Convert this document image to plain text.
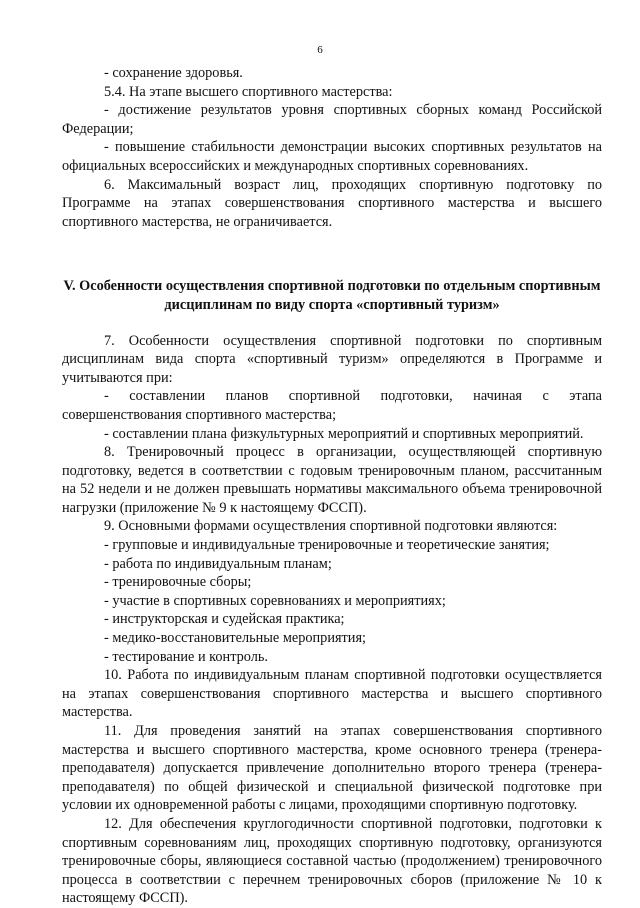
6

- сохранение здоровья.

5.4. На этапе высшего спортивного мастерства:

- достижение результатов уровня спортивных сборных команд Российской Федерации;

- повышение стабильности демонстрации высоких спортивных результатов на официальных всероссийских и международных спортивных соревнованиях.

6. Максимальный возраст лиц, проходящих спортивную подготовку по Программе на этапах совершенствования спортивного мастерства и высшего спортивного мастерства, не ограничивается.

V. Особенности осуществления спортивной подготовки по отдельным спортивным дисциплинам по виду спорта «спортивный туризм»

7. Особенности осуществления спортивной подготовки по спортивным дисциплинам вида спорта «спортивный туризм» определяются в Программе и учитываются при:

- составлении планов спортивной подготовки, начиная с этапа совершенствования спортивного мастерства;

- составлении плана физкультурных мероприятий и спортивных мероприятий.

8. Тренировочный процесс в организации, осуществляющей спортивную подготовку, ведется в соответствии с годовым тренировочным планом, рассчитанным на 52 недели и не должен превышать нормативы максимального объема тренировочной нагрузки (приложение № 9 к настоящему ФССП).

9. Основными формами осуществления спортивной подготовки являются:

- групповые и индивидуальные тренировочные и теоретические занятия;

- работа по индивидуальным планам;

- тренировочные сборы;

- участие в спортивных соревнованиях и мероприятиях;

- инструкторская и судейская практика;

- медико-восстановительные мероприятия;

- тестирование и контроль.

10. Работа по индивидуальным планам спортивной подготовки осуществляется на этапах совершенствования спортивного мастерства и высшего спортивного мастерства.

11. Для проведения занятий на этапах совершенствования спортивного мастерства и высшего спортивного мастерства, кроме основного тренера (тренера-преподавателя) допускается привлечение дополнительно второго тренера (тренера-преподавателя) по общей физической и специальной физической подготовке при условии их одновременной работы с лицами, проходящими спортивную подготовку.

12. Для обеспечения круглогодичности спортивной подготовки, подготовки к спортивным соревнованиям лиц, проходящих спортивную подготовку, организуются тренировочные сборы, являющиеся составной частью (продолжением) тренировочного процесса в соответствии с перечнем тренировочных сборов (приложение № 10 к настоящему ФССП).
